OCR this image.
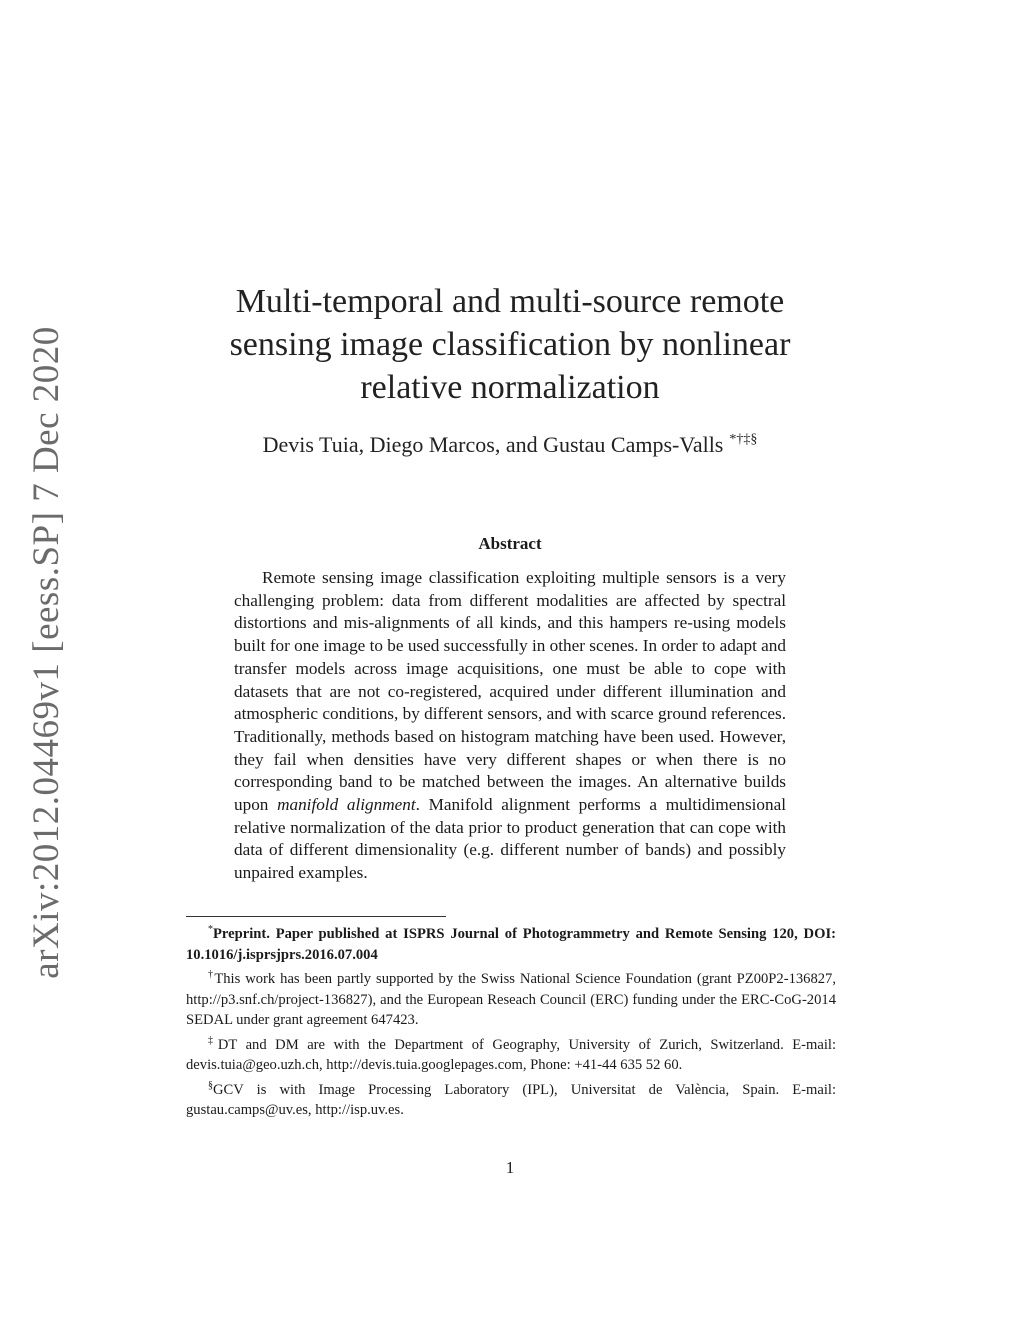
arXiv:2012.04469v1 [eess.SP] 7 Dec 2020
Multi-temporal and multi-source remote
sensing image classification by nonlinear
relative normalization
Devis Tuia, Diego Marcos, and Gustau Camps-Valls *†‡§
Abstract

Remote sensing image classification exploiting multiple sensors is a very challenging problem: data from different modalities are affected by spectral distortions and mis-alignments of all kinds, and this hampers re-using models built for one image to be used successfully in other scenes. In order to adapt and transfer models across image acquisitions, one must be able to cope with datasets that are not co-registered, acquired under different illumination and atmospheric conditions, by different sensors, and with scarce ground references. Traditionally, methods based on histogram matching have been used. However, they fail when densities have very different shapes or when there is no corresponding band to be matched between the images. An alternative builds upon manifold alignment. Manifold alignment performs a multidimensional relative normalization of the data prior to product generation that can cope with data of different dimensionality (e.g. different number of bands) and possibly unpaired examples.

*Preprint. Paper published at ISPRS Journal of Photogrammetry and Remote Sensing 120, DOI: 10.1016/j.isprsjprs.2016.07.004

†This work has been partly supported by the Swiss National Science Foundation (grant PZ00P2-136827, http://p3.snf.ch/project-136827), and the European Reseach Council (ERC) funding under the ERC-CoG-2014 SEDAL under grant agreement 647423.

‡DT and DM are with the Department of Geography, University of Zurich, Switzerland. E-mail: devis.tuia@geo.uzh.ch, http://devis.tuia.googlepages.com, Phone: +41-44 635 52 60.

§GCV is with Image Processing Laboratory (IPL), Universitat de València, Spain. E-mail: gustau.camps@uv.es, http://isp.uv.es.

1
